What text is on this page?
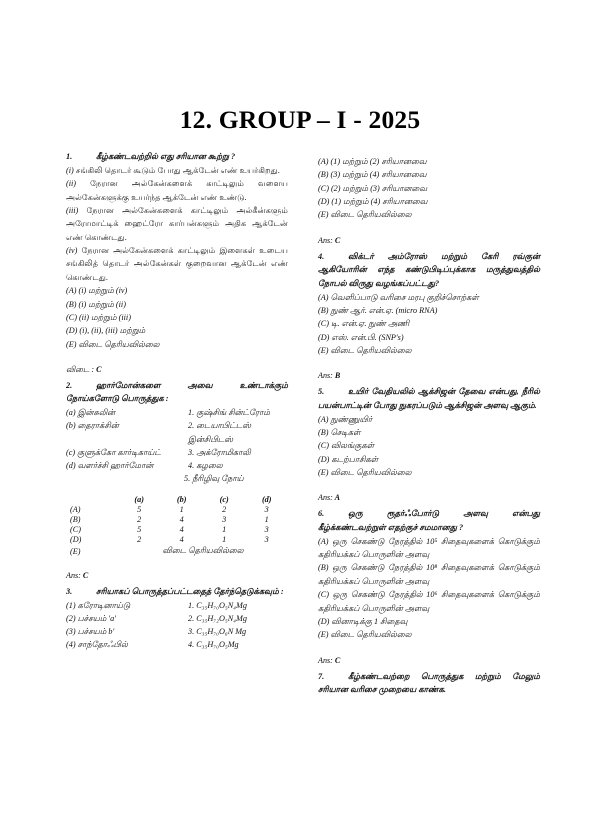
12. GROUP – I - 2025

1.	கீழ்கண்டவற்றில் எது சரியான கூற்று ?

(i) சங்கிலி தொடர் கூடும் போது ஆக்டேன் எண் உயர்கிறது.

(ii) நேரான அல்கேன்களைக் காட்டிலும் வளைய அல்கேன்களுக்கு உயர்ந்த ஆக்டேன் எண் உண்டு.

(iii) நேரான அல்கேன்களைக் காட்டிலும் அல்கீன்களும் அரோமாட்டிக் ஹைட்ரோ கார்பன்களும் அதிக ஆக்டேன் எண் கொண்டது.

(iv) நேரான அல்கேன்களைக் காட்டிலும் இளைகள் உடைய சங்கிலித் தொடர் அல்கேன்கள் குறைவான ஆக்டேன் எண் கொண்டது.

(A) (i) மற்றும் (iv)

(B) (i) மற்றும் (ii)

(C) (ii) மற்றும் (iii)

(D) (i), (ii), (iii) மற்றும்

(E) விடை தெரியவில்லை

விடை : C

2.	ஹார்மோன்களை அவை உண்டாக்கும் நோய்களோடு பொருத்துக :

(a) இன்சுலின்	1. குஷ்சிங் சின்ட்ரோம்
(b) தைராக்சின்	2. டையாபிட்டஸ் இன்சிபிடஸ்
(c) குளுக்கோ கார்டிகாய்ட்	3. அக்ரோமிகாலி
(d) வளர்ச்சி ஹார்மோன்	4. கழலை

5. நீரிழிவு நோய்

	(a)	(b)	(c)	(d)
(A)	5	1	2	3
(B)	2	4	3	1
(C)	5	4	1	3
(D)	2	4	1	3
(E)	விடை தெரியவில்லை			

Ans: C

3.	சரியாகப் பொருத்தப்பட்டதைத் தேர்ந்தெடுக்கவும் :

(1) கரோடினாய்டு	1. C₃₅H₇₀O₅N₄Mg
(2) பச்சயம் 'a'	2. C₃₅H₇₂O₅N₄Mg
(3) பச்சயம் b'	3. C₃₅H₇₀O₆N Mg
(4) சாந்தோஃபில்	4. C₃₅H₇₀O₅Mg

(A) (1) மற்றும் (2) சரியானவை

(B) (3) மற்றும் (4) சரியானவை

(C) (2) மற்றும் (3) சரியானவை

(D) (1) மற்றும் (4) சரியானவை

(E) விடை தெரியவில்லை

Ans: C

4.	விக்டர் அம்ரோஸ் மற்றும் கேரி ரவ்குன் ஆகியோரின் எந்த கண்டுபிடிப்புக்காக மருத்துவத்தில் நோபல் விருது வழங்கப்பட்டது?

(A) வெளிப்பாடு வரிசை மரபு குறிச்சொற்கள்

(B) நுண் ஆர். என்.ஏ. (micro RNA)

(C) டி. என்.ஏ. நுண் அணி

(D) எஸ். என்.பி. (SNP's)

(E) விடை தெரியவில்லை

Ans: B

5.	உயிர் வேதியலில் ஆக்சிஜன் தேவை என்பது, நீரில் பயன்பாட்டின் போது நுகரப்படும் ஆக்சிஜன் அளவு ஆகும்.

(A) நுண்ணுயிர்

(B) செடிகள்

(C) விலங்குகள்

(D) கடற்பாசிகள்

(E) விடை தெரியவில்லை

Ans: A

6.	ஒரு ரூதர்ஃபோர்டு அளவு என்பது கீழ்க்கண்டவற்றுள் எதற்குச் சமமானது ?

(A) ஒரு செகண்டு நேரத்தில் 10⁵ சிதைவுகளைக் கொடுக்கும் கதிரியக்கப் பொருளின் அளவு

(B) ஒரு செகண்டு நேரத்தில் 10⁸ சிதைவுகளைக் கொடுக்கும் கதிரியக்கப் பொருளின் அளவு

(C) ஒரு செகண்டு நேரத்தில் 10⁶ சிதைவுகளைக் கொடுக்கும் கதிரியக்கப் பொருளின் அளவு

(D) வினாடிக்கு 1 சிதைவு

(E) விடை தெரியவில்லை

Ans: C

7.	கீழ்கண்டவற்றை பொருத்துக மற்றும் மேலும் சரியான வரிசை முறையை காண்க.
